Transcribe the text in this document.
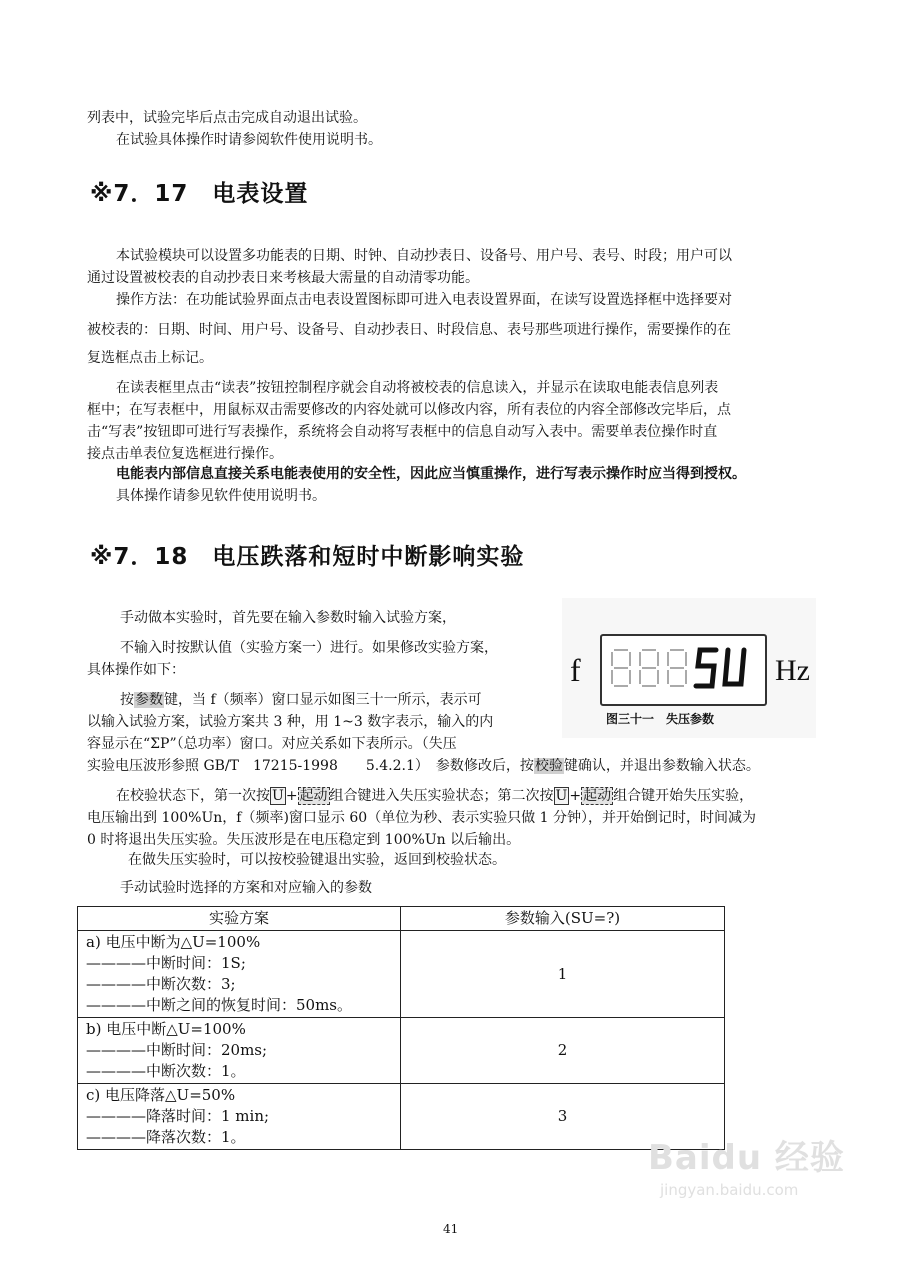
列表中，试验完毕后点击完成自动退出试验。
在试验具体操作时请参阅软件使用说明书。
※7．17　电表设置
本试验模块可以设置多功能表的日期、时钟、自动抄表日、设备号、用户号、表号、时段；用户可以
通过设置被校表的自动抄表日来考核最大需量的自动清零功能。
操作方法：在功能试验界面点击电表设置图标即可进入电表设置界面，在读写设置选择框中选择要对
被校表的：日期、时间、用户号、设备号、自动抄表日、时段信息、表号那些项进行操作，需要操作的在
复选框点击上标记。
在读表框里点击“读表”按钮控制程序就会自动将被校表的信息读入，并显示在读取电能表信息列表
框中；在写表框中，用鼠标双击需要修改的内容处就可以修改内容，所有表位的内容全部修改完毕后，点
击“写表”按钮即可进行写表操作，系统将会自动将写表框中的信息自动写入表中。需要单表位操作时直
接点击单表位复选框进行操作。
电能表内部信息直接关系电能表使用的安全性，因此应当慎重操作，进行写表示操作时应当得到授权。
具体操作请参见软件使用说明书。
※7．18　电压跌落和短时中断影响实验
手动做本实验时，首先要在输入参数时输入试验方案，
不输入时按默认值（实验方案一）进行。如果修改实验方案，
具体操作如下：
按参数键，当 f（频率）窗口显示如图三十一所示，表示可
以输入试验方案，试验方案共 3 种，用 1~3 数字表示，输入的内
容显示在“ΣP”（总功率）窗口。对应关系如下表所示。（失压
实验电压波形参照 GB/T　17215-1998　　5.4.2.1）　参数修改后，按校验键确认，并退出参数输入状态。
在校验状态下，第一次按 U + 起动 组合键进入失压实验状态；第二次按 U + 起动 组合键开始失压实验，
电压输出到 100%Un，f（频率)窗口显示 60（单位为秒、表示实验只做 1 分钟），并开始倒记时，时间减为
0 时将退出失压实验。失压波形是在电压稳定到 100%Un 以后输出。
在做失压实验时，可以按校验键退出实验，返回到校验状态。
手动试验时选择的方案和对应输入的参数
f	Hz
图三十一　失压参数
实验方案	参数输入(SU=?)

a) 电压中断为△U=100%
————中断时间：1S;
————中断次数：3;
————中断之间的恢复时间：50ms。	1

b) 电压中断△U=100%
————中断时间：20ms;
————中断次数：1。	2

c) 电压降落△U=50%
————降落时间：1 min;
————降落次数：1。	3
41
Baidu 经验
jingyan.baidu.com
